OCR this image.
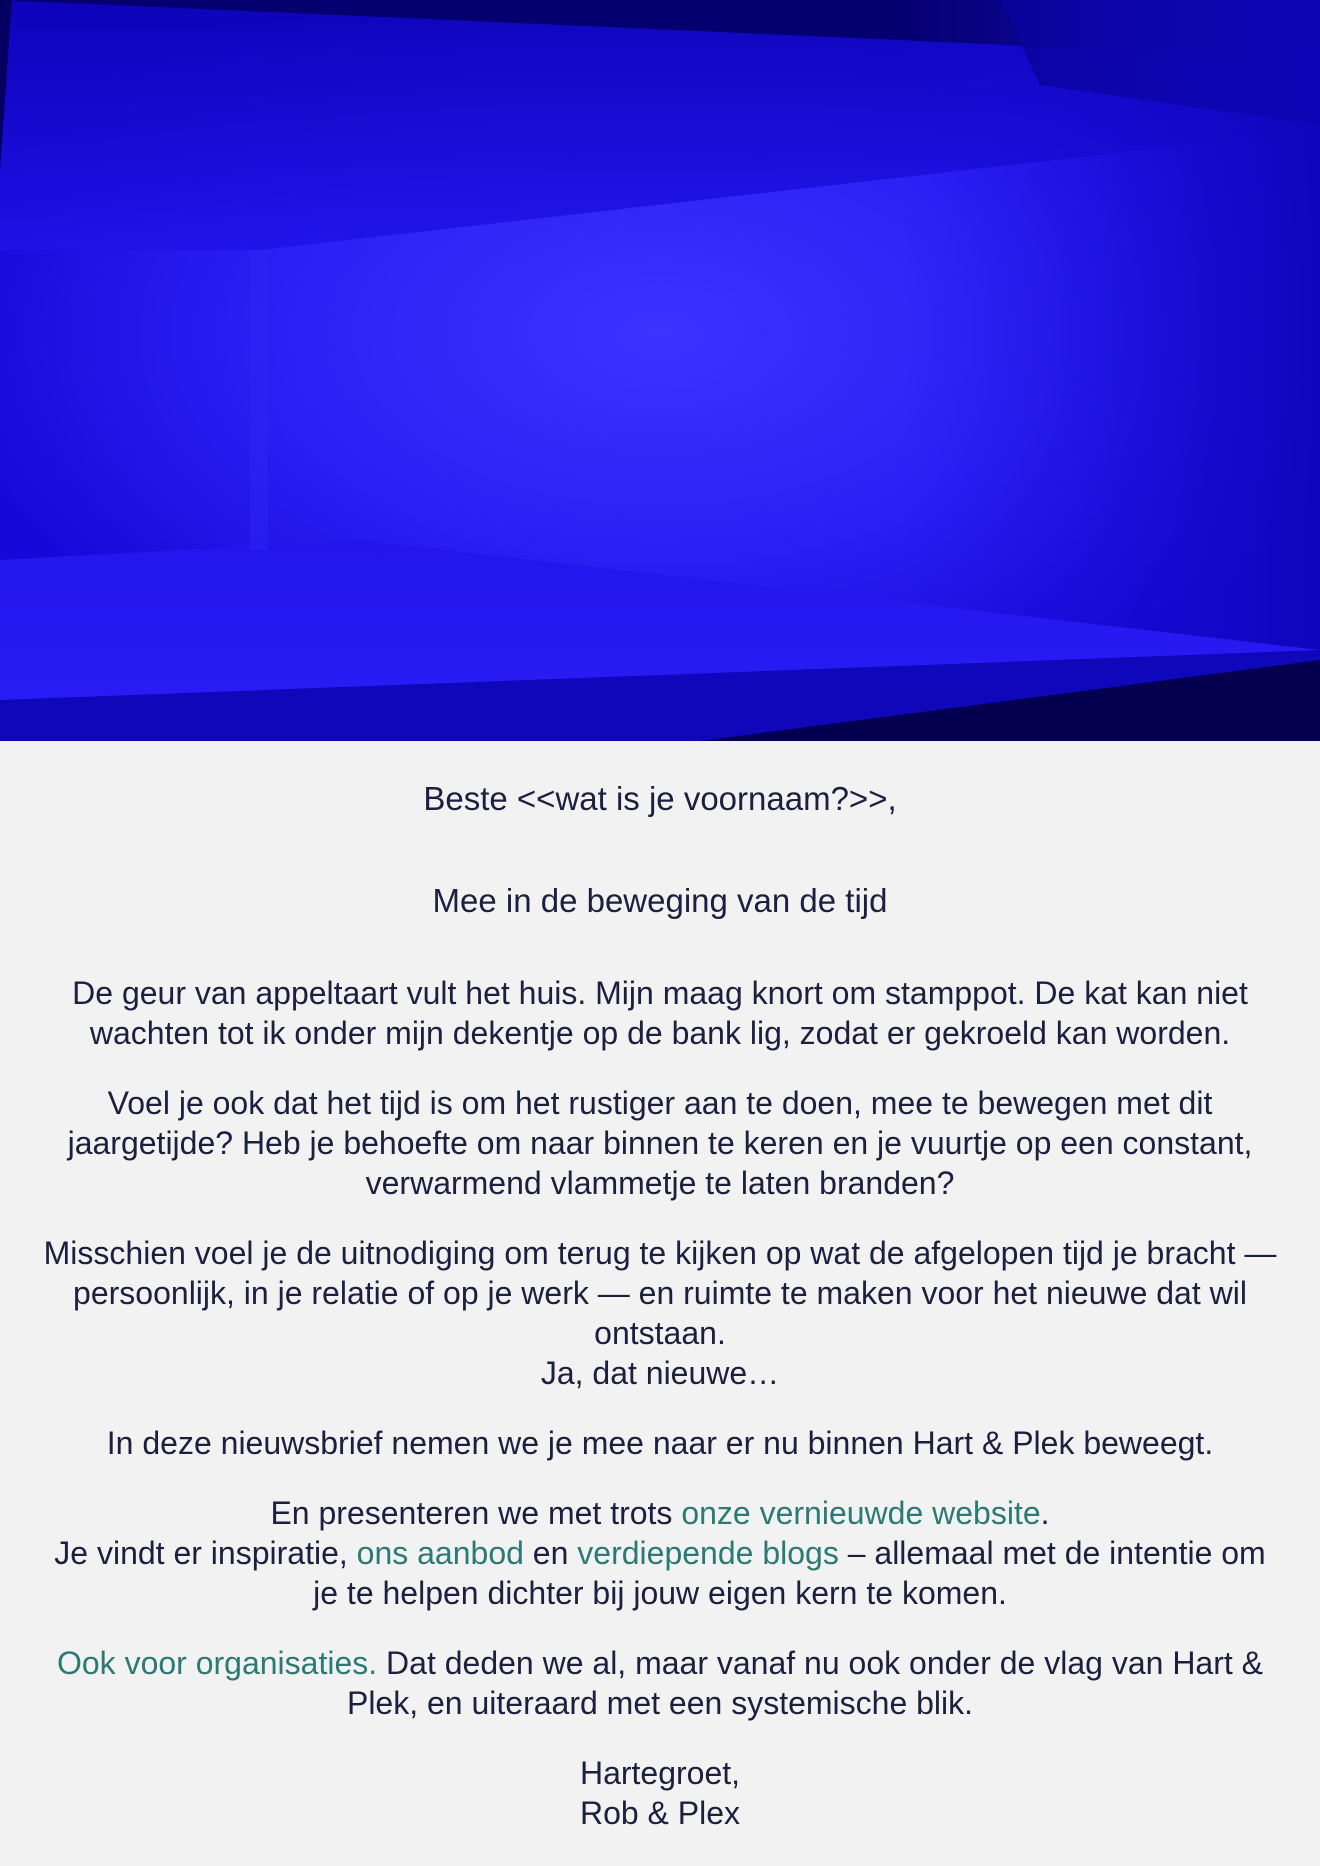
Beste <<wat is je voornaam?>>,

Mee in de beweging van de tijd

De geur van appeltaart vult het huis. Mijn maag knort om stamppot. De kat kan niet wachten tot ik onder mijn dekentje op de bank lig, zodat er gekroeld kan worden.

Voel je ook dat het tijd is om het rustiger aan te doen, mee te bewegen met dit jaargetijde? Heb je behoefte om naar binnen te keren en je vuurtje op een constant, verwarmend vlammetje te laten branden?

Misschien voel je de uitnodiging om terug te kijken op wat de afgelopen tijd je bracht — persoonlijk, in je relatie of op je werk — en ruimte te maken voor het nieuwe dat wil ontstaan.
Ja, dat nieuwe…

In deze nieuwsbrief nemen we je mee naar er nu binnen Hart & Plek beweegt.

En presenteren we met trots onze vernieuwde website.
Je vindt er inspiratie, ons aanbod en verdiepende blogs – allemaal met de intentie om je te helpen dichter bij jouw eigen kern te komen.

Ook voor organisaties. Dat deden we al, maar vanaf nu ook onder de vlag van Hart & Plek, en uiteraard met een systemische blik.

Hartegroet,
Rob & Plex
